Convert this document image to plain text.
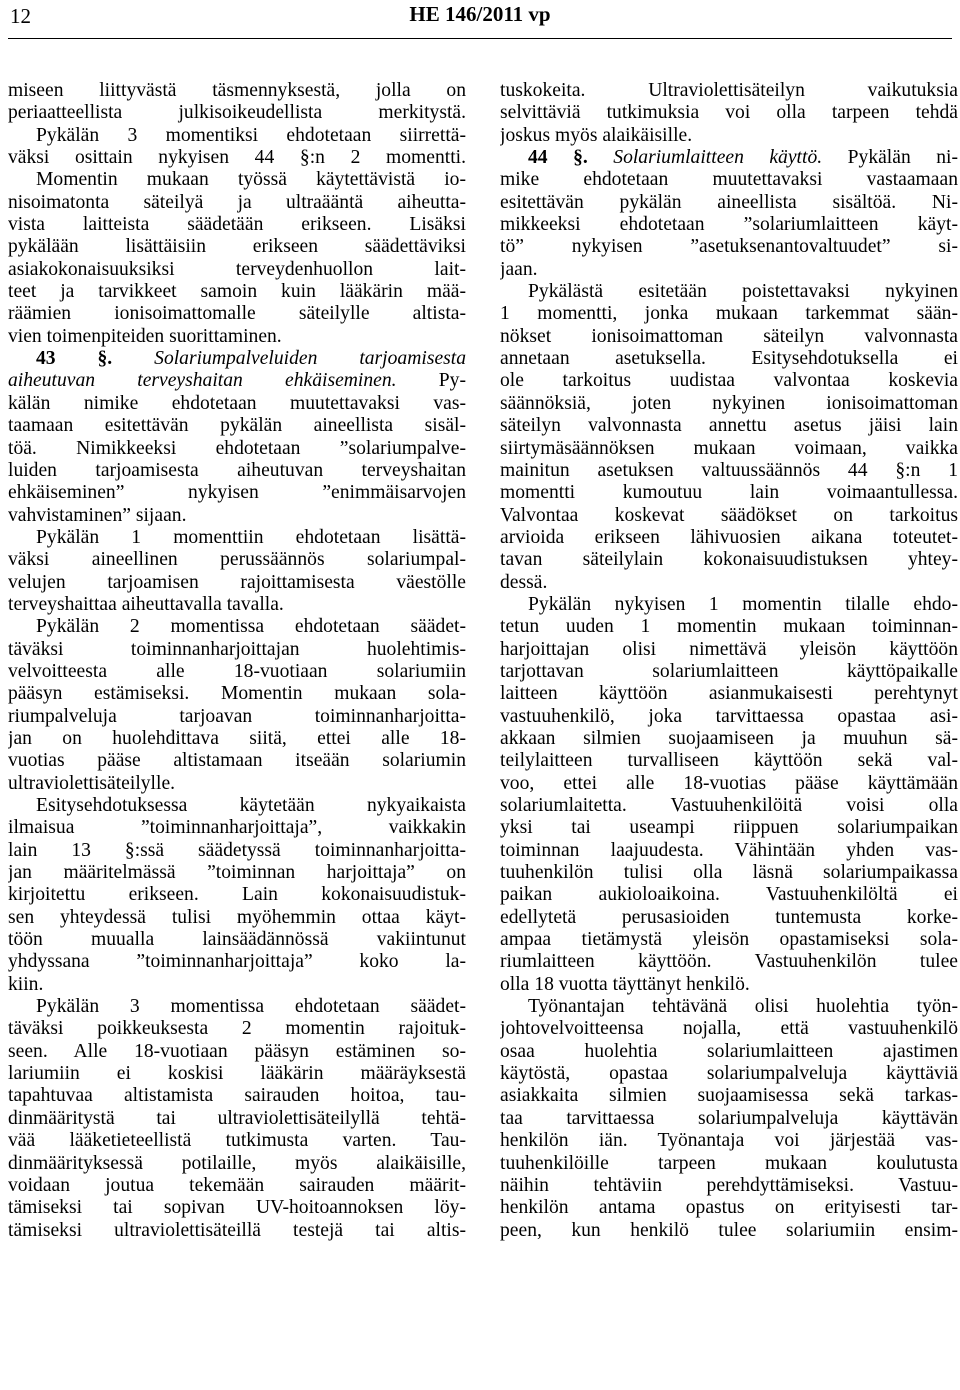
12	HE 146/2011 vp
miseen liittyvästä täsmennyksestä, jolla on
periaatteellista julkisoikeudellista merkitystä.
Pykälän 3 momentiksi ehdotetaan siirrettä-
väksi osittain nykyisen 44 §:n 2 momentti.
Momentin mukaan työssä käytettävistä io-
nisoimatonta säteilyä ja ultraääntä aiheutta-
vista laitteista säädetään erikseen. Lisäksi
pykälään lisättäisiin erikseen säädettäviksi
asiakokonaisuuksiksi terveydenhuollon lait-
teet ja tarvikkeet samoin kuin lääkärin mää-
räämien ionisoimattomalle säteilylle altista-
vien toimenpiteiden suorittaminen.
43 §. Solariumpalveluiden tarjoamisesta
aiheutuvan terveyshaitan ehkäiseminen. Py-
kälän nimike ehdotetaan muutettavaksi vas-
taamaan esitettävän pykälän aineellista sisäl-
töä. Nimikkeeksi ehdotetaan ”solariumpalve-
luiden tarjoamisesta aiheutuvan terveyshaitan
ehkäiseminen” nykyisen ”enimmäisarvojen
vahvistaminen” sijaan.
Pykälän 1 momenttiin ehdotetaan lisättä-
väksi aineellinen perussäännös solariumpal-
velujen tarjoamisen rajoittamisesta väestölle
terveyshaittaa aiheuttavalla tavalla.
Pykälän 2 momentissa ehdotetaan säädet-
täväksi toiminnanharjoittajan huolehtimis-
velvoitteesta alle 18-vuotiaan solariumiin
pääsyn estämiseksi. Momentin mukaan sola-
riumpalveluja tarjoavan toiminnanharjoitta-
jan on huolehdittava siitä, ettei alle 18-
vuotias pääse altistamaan itseään solariumin
ultraviolettisäteilylle.
Esitysehdotuksessa käytetään nykyaikaista
ilmaisua ”toiminnanharjoittaja”, vaikkakin
lain 13 §:ssä säädetyssä toiminnanharjoitta-
jan määritelmässä ”toiminnan harjoittaja” on
kirjoitettu erikseen. Lain kokonaisuudistuk-
sen yhteydessä tulisi myöhemmin ottaa käyt-
töön muualla lainsäädännössä vakiintunut
yhdyssana ”toiminnanharjoittaja” koko la-
kiin.
Pykälän 3 momentissa ehdotetaan säädet-
täväksi poikkeuksesta 2 momentin rajoituk-
seen. Alle 18-vuotiaan pääsyn estäminen so-
lariumiin ei koskisi lääkärin määräyksestä
tapahtuvaa altistamista sairauden hoitoa, tau-
dinmääritystä tai ultraviolettisäteilyllä tehtä-
vää lääketieteellistä tutkimusta varten. Tau-
dinmäärityksessä potilaille, myös alaikäisille,
voidaan joutua tekemään sairauden määrit-
tämiseksi tai sopivan UV-hoitoannoksen löy-
tämiseksi ultraviolettisäteillä testejä tai altis-
tuskokeita. Ultraviolettisäteilyn vaikutuksia
selvittäviä tutkimuksia voi olla tarpeen tehdä
joskus myös alaikäisille.
44 §. Solariumlaitteen käyttö. Pykälän ni-
mike ehdotetaan muutettavaksi vastaamaan
esitettävän pykälän aineellista sisältöä. Ni-
mikkeeksi ehdotetaan ”solariumlaitteen käyt-
tö” nykyisen ”asetuksenantovaltuudet” si-
jaan.
Pykälästä esitetään poistettavaksi nykyinen
1 momentti, jonka mukaan tarkemmat sään-
nökset ionisoimattoman säteilyn valvonnasta
annetaan asetuksella. Esitysehdotuksella ei
ole tarkoitus uudistaa valvontaa koskevia
säännöksiä, joten nykyinen ionisoimattoman
säteilyn valvonnasta annettu asetus jäisi lain
siirtymäsäännöksen mukaan voimaan, vaikka
mainitun asetuksen valtuussäännös 44 §:n 1
momentti kumoutuu lain voimaantullessa.
Valvontaa koskevat säädökset on tarkoitus
arvioida erikseen lähivuosien aikana toteutet-
tavan säteilylain kokonaisuudistuksen yhtey-
dessä.
Pykälän nykyisen 1 momentin tilalle ehdo-
tetun uuden 1 momentin mukaan toiminnan-
harjoittajan olisi nimettävä yleisön käyttöön
tarjottavan solariumlaitteen käyttöpaikalle
laitteen käyttöön asianmukaisesti perehtynyt
vastuuhenkilö, joka tarvittaessa opastaa asi-
akkaan silmien suojaamiseen ja muuhun sä-
teilylaitteen turvalliseen käyttöön sekä val-
voo, ettei alle 18-vuotias pääse käyttämään
solariumlaitetta. Vastuuhenkilöitä voisi olla
yksi tai useampi riippuen solariumpaikan
toiminnan laajuudesta. Vähintään yhden vas-
tuuhenkilön tulisi olla läsnä solariumpaikassa
paikan aukioloaikoina. Vastuuhenkilöltä ei
edellytetä perusasioiden tuntemusta korke-
ampaa tietämystä yleisön opastamiseksi sola-
riumlaitteen käyttöön. Vastuuhenkilön tulee
olla 18 vuotta täyttänyt henkilö.
Työnantajan tehtävänä olisi huolehtia työn-
johtovelvoitteensa nojalla, että vastuuhenkilö
osaa huolehtia solariumlaitteen ajastimen
käytöstä, opastaa solariumpalveluja käyttäviä
asiakkaita silmien suojaamisessa sekä tarkas-
taa tarvittaessa solariumpalveluja käyttävän
henkilön iän. Työnantaja voi järjestää vas-
tuuhenkilöille tarpeen mukaan koulutusta
näihin tehtäviin perehdyttämiseksi. Vastuu-
henkilön antama opastus on erityisesti tar-
peen, kun henkilö tulee solariumiin ensim-
